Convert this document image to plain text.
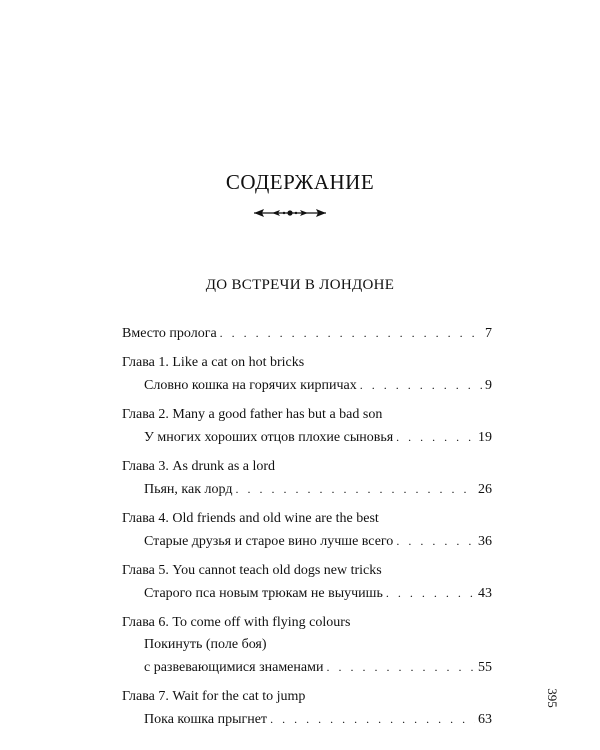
СОДЕРЖАНИЕ
ДО ВСТРЕЧИ В ЛОНДОНЕ
Вместо пролога . . .	7
Глава 1. Like a cat on hot bricks
Словно кошка на горячих кирпичах . . .	9
Глава 2. Many a good father has but a bad son
У многих хороших отцов плохие сыновья . . .	19
Глава 3. As drunk as a lord
Пьян, как лорд . . .	26
Глава 4. Old friends and old wine are the best
Старые друзья и старое вино лучше всего . . .	36
Глава 5. You cannot teach old dogs new tricks
Старого пса новым трюкам не выучишь . . .	43
Глава 6. To come off with flying colours
Покинуть (поле боя)
с развевающимися знаменами . . .	55
Глава 7. Wait for the cat to jump
Пока кошка прыгнет . . .	63
395
